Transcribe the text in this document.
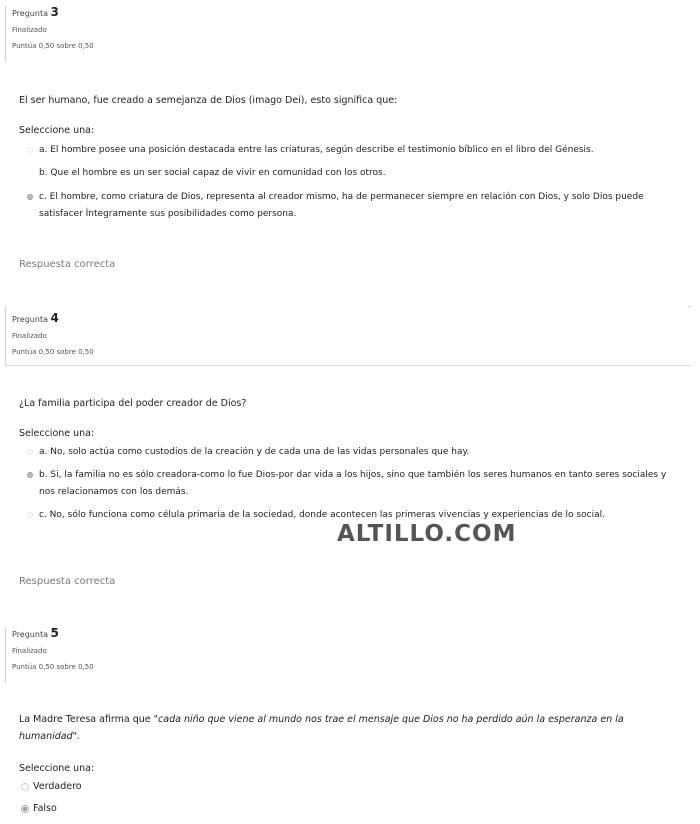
Pregunta 3
Finalizado
Puntúa 0,50 sobre 0,50
El ser humano, fue creado a semejanza de Dios (imago Dei), esto significa que:
Seleccione una:
a. El hombre posee una posición destacada entre las criaturas, según describe el testimonio bíblico en el libro del Génesis.
b. Que el hombre es un ser social capaz de vivir en comunidad con los otros.
c. El hombre, como criatura de Dios, representa al creador mismo, ha de permanecer siempre en relación con Dios, y solo Dios puede satisfacer Íntegramente sus posibilidades como persona.
Respuesta correcta
Pregunta 4
Finalizado
Puntúa 0,50 sobre 0,50
¿La familia participa del poder creador de Dios?
Seleccione una:
a. No, solo actúa como custodios de la creación y de cada una de las vidas personales que hay.
b. Si, la familia no es sólo creadora-como lo fue Dios-por dar vida a los hijos, sino que también los seres humanos en tanto seres sociales y nos relacionamos con los demás.
c. No, sólo funciona como célula primaria de la sociedad, donde acontecen las primeras vivencias y experiencias de lo social.
ALTILLO.COM
Respuesta correcta
Pregunta 5
Finalizado
Puntúa 0,50 sobre 0,50
La Madre Teresa afirma que "cada niño que viene al mundo nos trae el mensaje que Dios no ha perdido aún la esperanza en la humanidad".
Seleccione una:
Verdadero
Falso
